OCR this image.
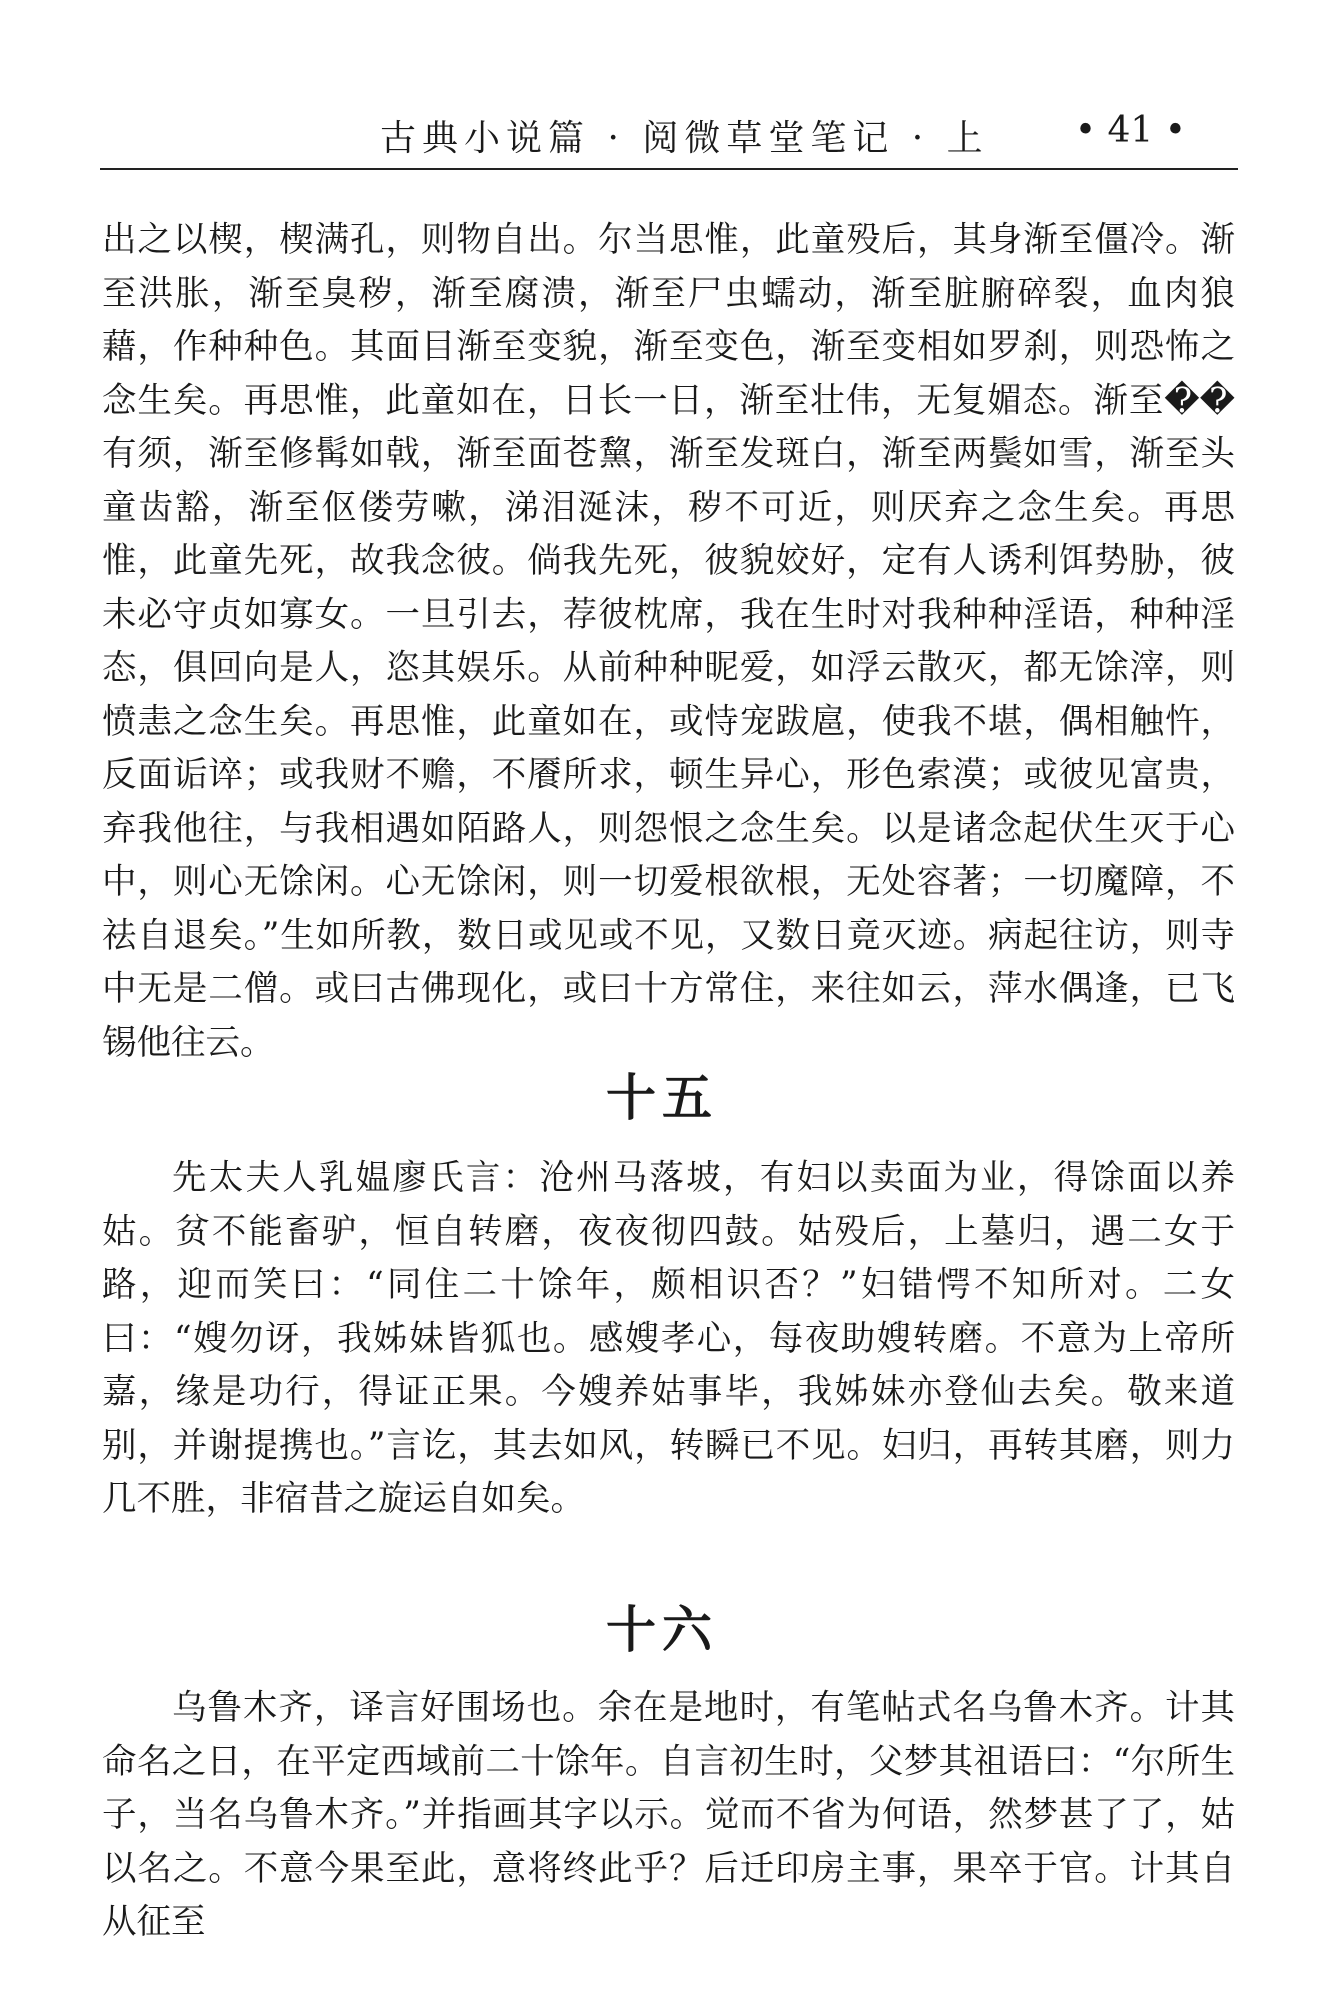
古典小说篇 · 阅微草堂笔记 · 上 • 41 •

出之以楔，楔满孔，则物自出。尔当思惟，此童殁后，其身渐至僵冷。渐至洪胀，渐至臭秽，渐至腐溃，渐至尸虫蠕动，渐至脏腑碎裂，血肉狼藉，作种种色。其面目渐至变貌，渐至变色，渐至变相如罗刹，则恐怖之念生矣。再思惟，此童如在，日长一日，渐至壮伟，无复媚态。渐至��有须，渐至修髯如戟，渐至面苍黧，渐至发斑白，渐至两鬓如雪，渐至头童齿豁，渐至伛偻劳嗽，涕泪涎沫，秽不可近，则厌弃之念生矣。再思惟，此童先死，故我念彼。倘我先死，彼貌姣好，定有人诱利饵势胁，彼未必守贞如寡女。一旦引去，荐彼枕席，我在生时对我种种淫语，种种淫态，俱回向是人，恣其娱乐。从前种种昵爱，如浮云散灭，都无馀滓，则愤恚之念生矣。再思惟，此童如在，或恃宠跋扈，使我不堪，偶相触忤，反面诟谇；或我财不赡，不餍所求，顿生异心，形色索漠；或彼见富贵，弃我他往，与我相遇如陌路人，则怨恨之念生矣。以是诸念起伏生灭于心中，则心无馀闲。心无馀闲，则一切爱根欲根，无处容著；一切魔障，不祛自退矣。”生如所教，数日或见或不见，又数日竟灭迹。病起往访，则寺中无是二僧。或曰古佛现化，或曰十方常住，来往如云，萍水偶逢，已飞锡他往云。

十五

先太夫人乳媪廖氏言：沧州马落坡，有妇以卖面为业，得馀面以养姑。贫不能畜驴，恒自转磨，夜夜彻四鼓。姑殁后，上墓归，遇二女于路，迎而笑曰：“同住二十馀年，颇相识否？”妇错愕不知所对。二女曰：“嫂勿讶，我姊妹皆狐也。感嫂孝心，每夜助嫂转磨。不意为上帝所嘉，缘是功行，得证正果。今嫂养姑事毕，我姊妹亦登仙去矣。敬来道别，并谢提携也。”言讫，其去如风，转瞬已不见。妇归，再转其磨，则力几不胜，非宿昔之旋运自如矣。

十六

乌鲁木齐，译言好围场也。余在是地时，有笔帖式名乌鲁木齐。计其命名之日，在平定西域前二十馀年。自言初生时，父梦其祖语曰：“尔所生子，当名乌鲁木齐。”并指画其字以示。觉而不省为何语，然梦甚了了，姑以名之。不意今果至此，意将终此乎？后迁印房主事，果卒于官。计其自从征至
